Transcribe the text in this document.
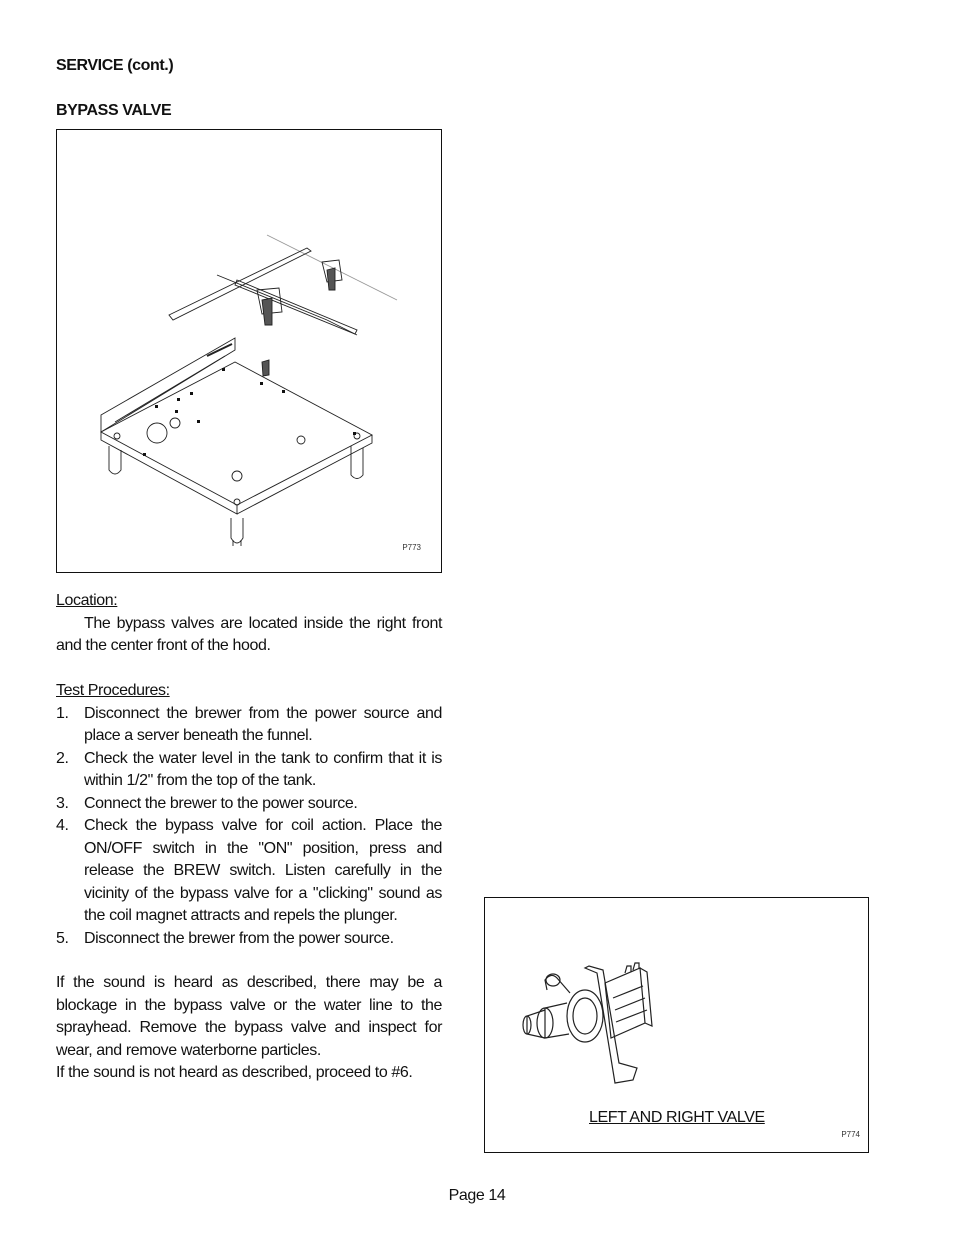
SERVICE (cont.)
BYPASS VALVE
P773
Location:
The bypass valves are located inside the right front and the center front of the hood.
Test Procedures:
1. Disconnect the brewer from the power source and place a server beneath the funnel.
2. Check the water level in the tank to confirm that it is within 1/2" from the top of the tank.
3. Connect the brewer to the power source.
4. Check the bypass valve for coil action. Place the ON/OFF switch in the "ON" position, press and release the BREW switch. Listen carefully in the vicinity of the bypass valve for a "clicking" sound as the coil magnet attracts and repels the plunger.
5. Disconnect the brewer from the power source.
If the sound is heard as described, there may be a blockage in the bypass valve or the water line to the sprayhead. Remove the bypass valve and inspect for wear, and remove waterborne particles.
If the sound is not heard as described, proceed to #6.
LEFT AND RIGHT VALVE
P774
Page 14
